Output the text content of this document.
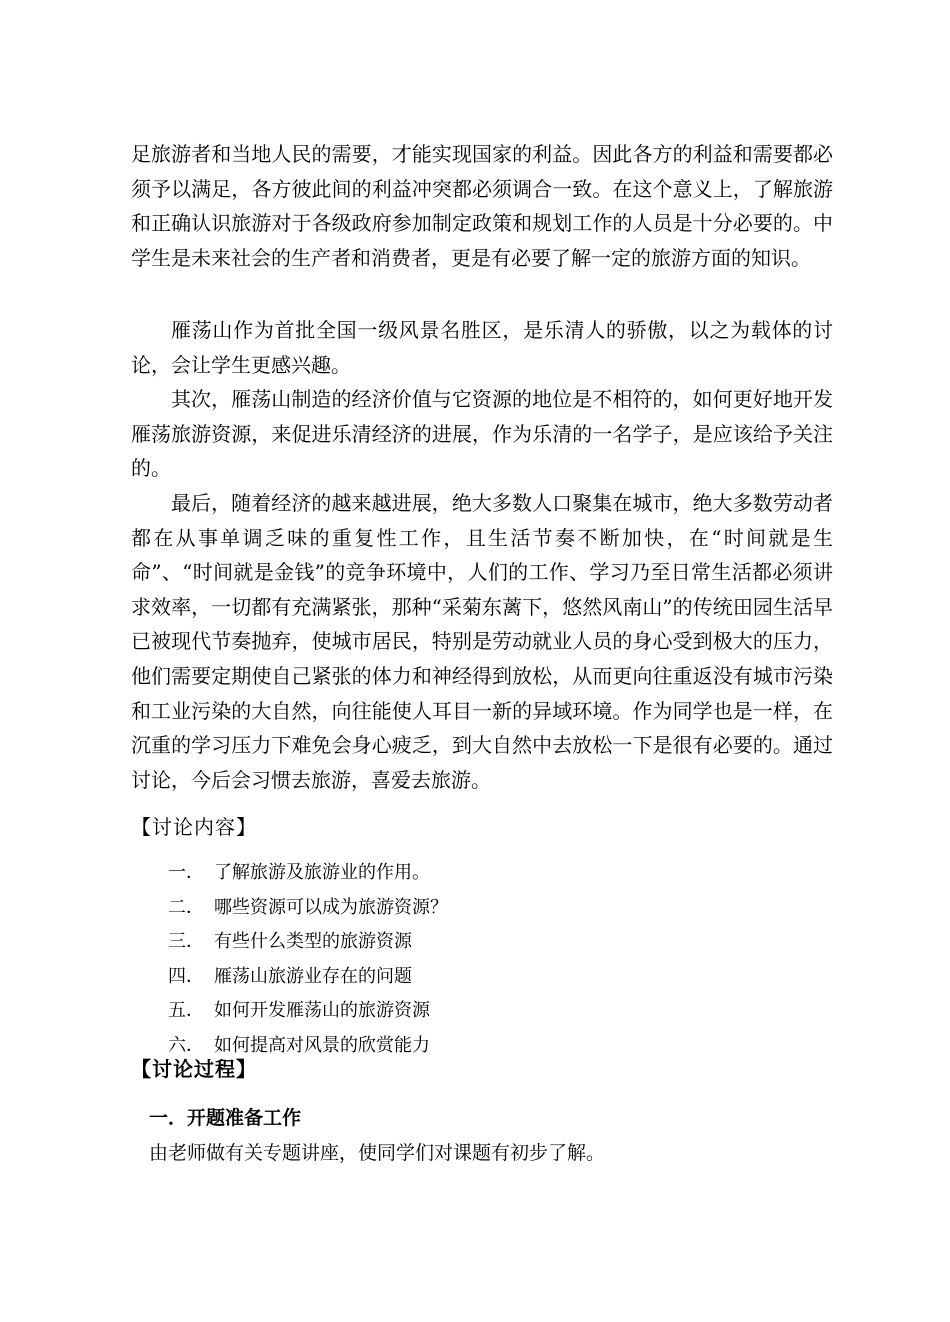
足旅游者和当地人民的需要，才能实现国家的利益。因此各方的利益和需要都必须予以满足，各方彼此间的利益冲突都必须调合一致。在这个意义上，了解旅游和正确认识旅游对于各级政府参加制定政策和规划工作的人员是十分必要的。中学生是未来社会的生产者和消费者，更是有必要了解一定的旅游方面的知识。

雁荡山作为首批全国一级风景名胜区，是乐清人的骄傲，以之为载体的讨论，会让学生更感兴趣。

其次，雁荡山制造的经济价值与它资源的地位是不相符的，如何更好地开发雁荡旅游资源，来促进乐清经济的进展，作为乐清的一名学子，是应该给予关注的。

最后，随着经济的越来越进展，绝大多数人口聚集在城市，绝大多数劳动者都在从事单调乏味的重复性工作，且生活节奏不断加快，在“时间就是生命”、“时间就是金钱”的竞争环境中，人们的工作、学习乃至日常生活都必须讲求效率，一切都有充满紧张，那种“采菊东蓠下，悠然风南山”的传统田园生活早已被现代节奏抛弃，使城市居民，特别是劳动就业人员的身心受到极大的压力，他们需要定期使自己紧张的体力和神经得到放松，从而更向往重返没有城市污染和工业污染的大自然，向往能使人耳目一新的异域环境。作为同学也是一样，在沉重的学习压力下难免会身心疲乏，到大自然中去放松一下是很有必要的。通过讨论，今后会习惯去旅游，喜爱去旅游。

【讨论内容】
一． 了解旅游及旅游业的作用。
二． 哪些资源可以成为旅游资源？
三． 有些什么类型的旅游资源
四． 雁荡山旅游业存在的问题
五． 如何开发雁荡山的旅游资源
六． 如何提高对风景的欣赏能力
【讨论过程】
一．开题准备工作

由老师做有关专题讲座，使同学们对课题有初步了解。
